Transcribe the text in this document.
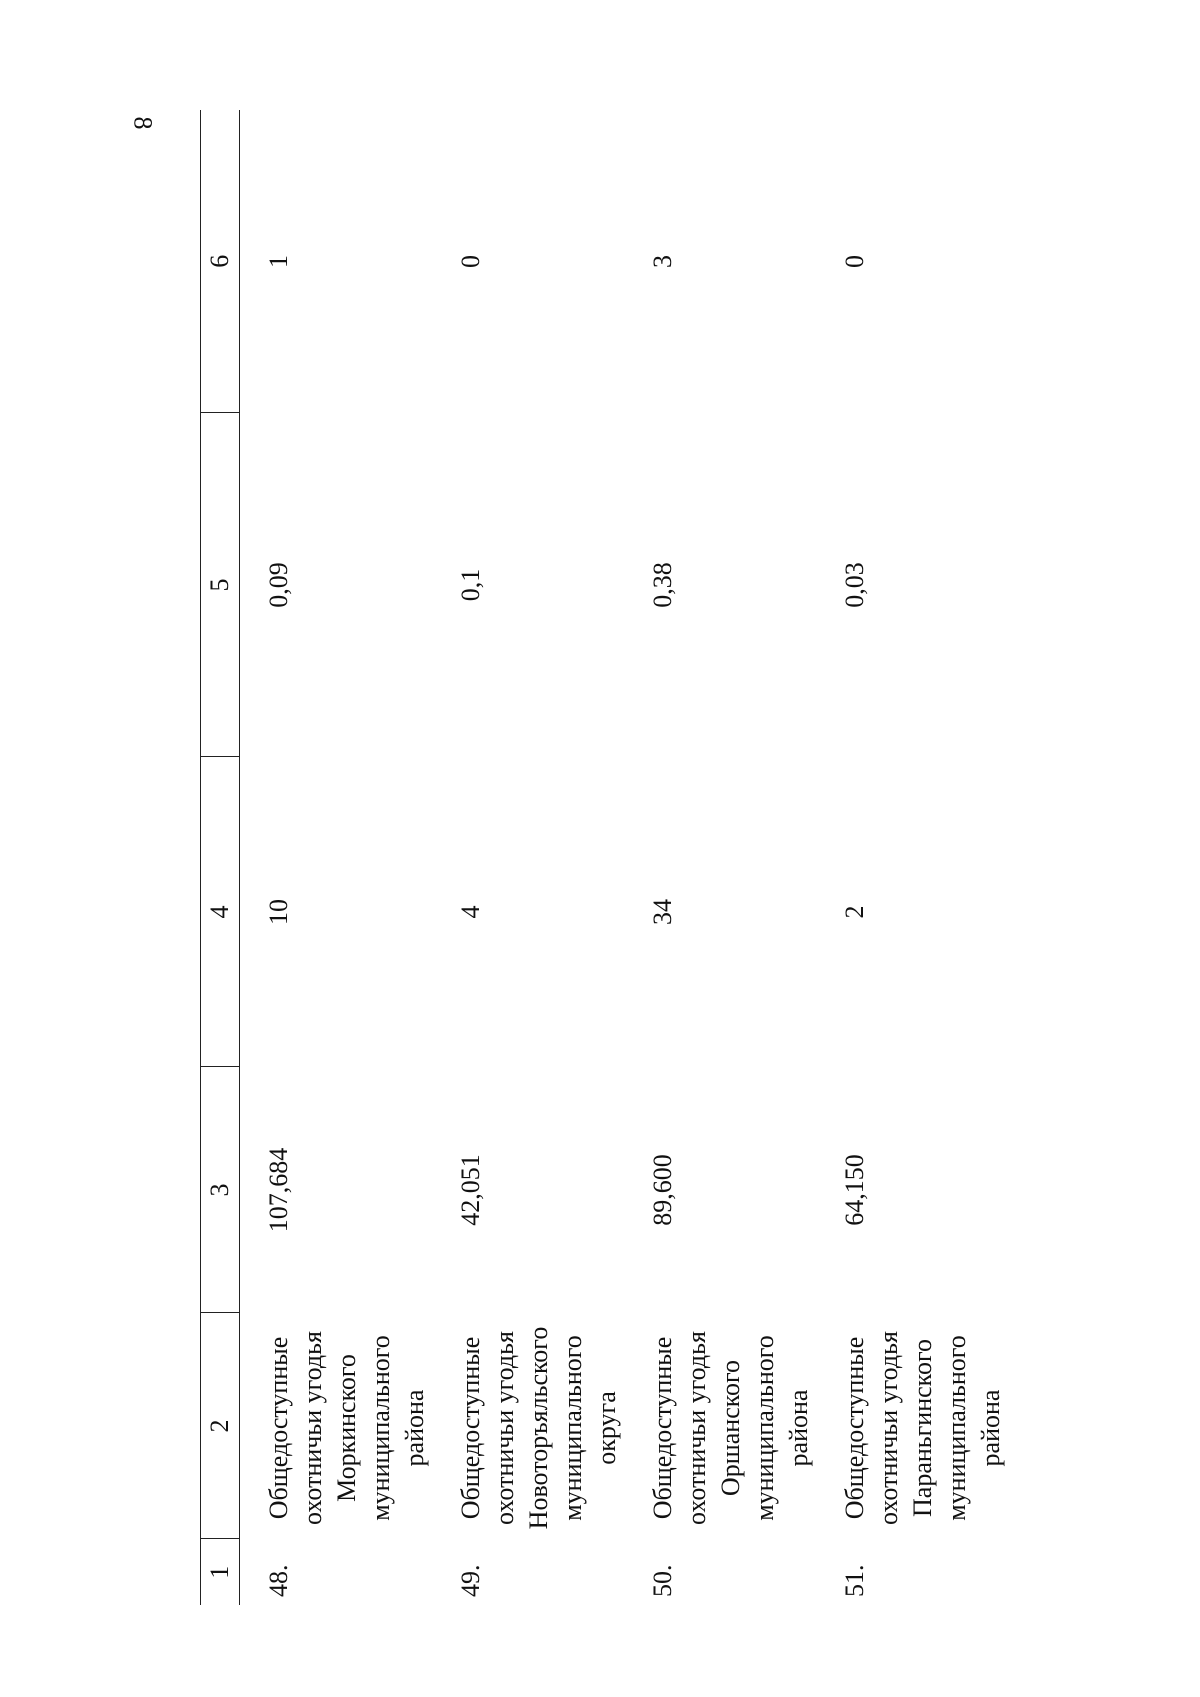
8
1	2	3	4	5	6
48.	Общедоступные охотничьи угодья Моркинского муниципального района	107,684	10	0,09	1
49.	Общедоступные охотничьи угодья Новоторъяльского муниципального округа	42,051	4	0,1	0
50.	Общедоступные охотничьи угодья Оршанского муниципального района	89,600	34	0,38	3
51.	Общедоступные охотничьи угодья Параньгинского муниципального района	64,150	2	0,03	0
